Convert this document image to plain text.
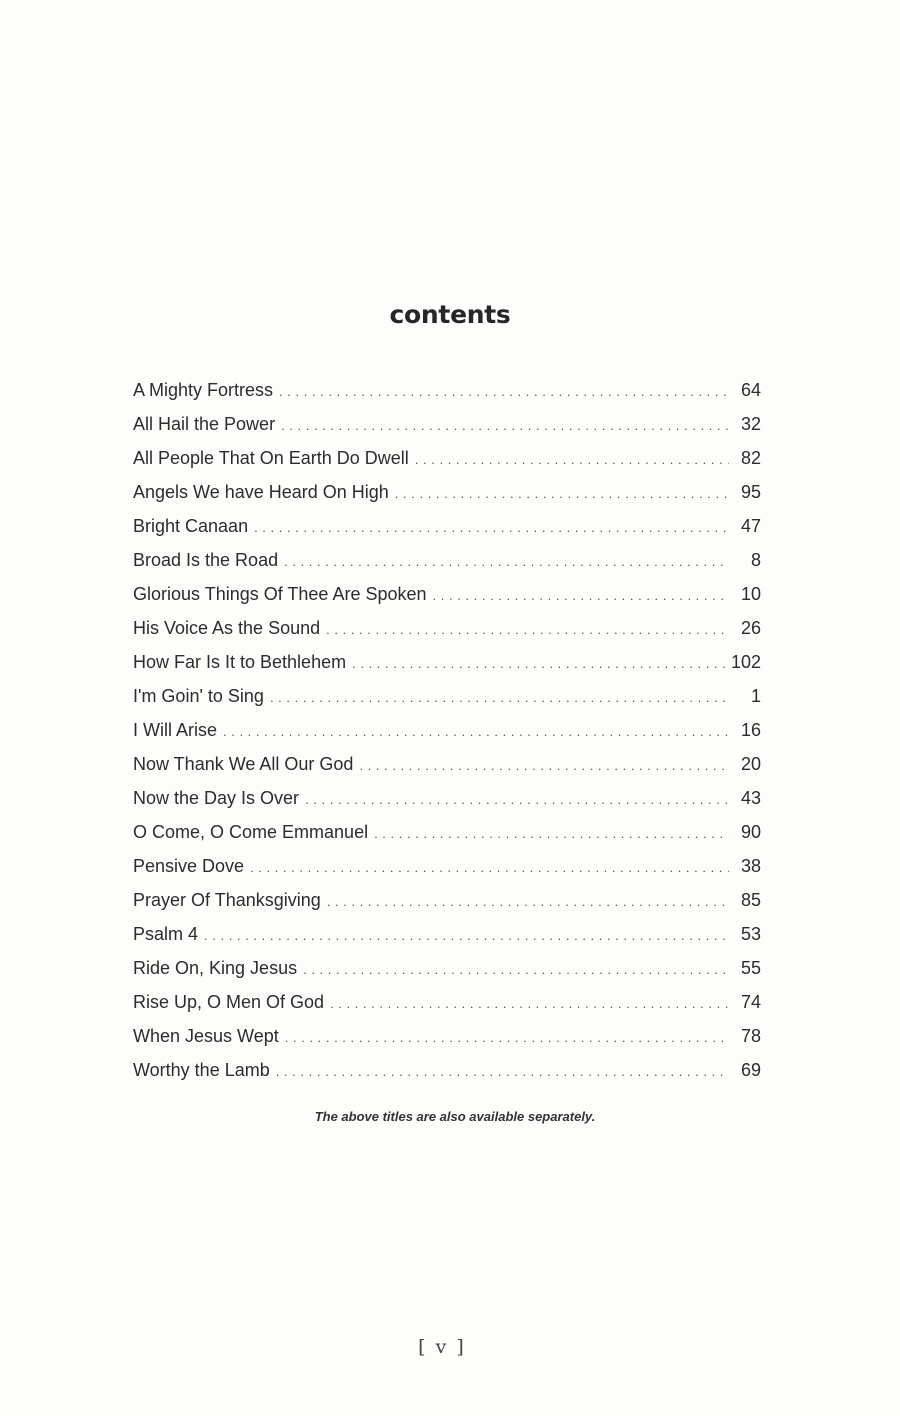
contents
A Mighty Fortress . . .	64
All Hail the Power . . .	32
All People That On Earth Do Dwell . . .	82
Angels We have Heard On High . . .	95
Bright Canaan . . .	47
Broad Is the Road . . .	8
Glorious Things Of Thee Are Spoken . . .	10
His Voice As the Sound . . .	26
How Far Is It to Bethlehem . . .	102
I'm Goin' to Sing . . .	1
I Will Arise . . .	16
Now Thank We All Our God . . .	20
Now the Day Is Over . . .	43
O Come, O Come Emmanuel . . .	90
Pensive Dove . . .	38
Prayer Of Thanksgiving . . .	85
Psalm 4 . . .	53
Ride On, King Jesus . . .	55
Rise Up, O Men Of God . . .	74
When Jesus Wept . . .	78
Worthy the Lamb . . .	69
The above titles are also available separately.
[ v ]
